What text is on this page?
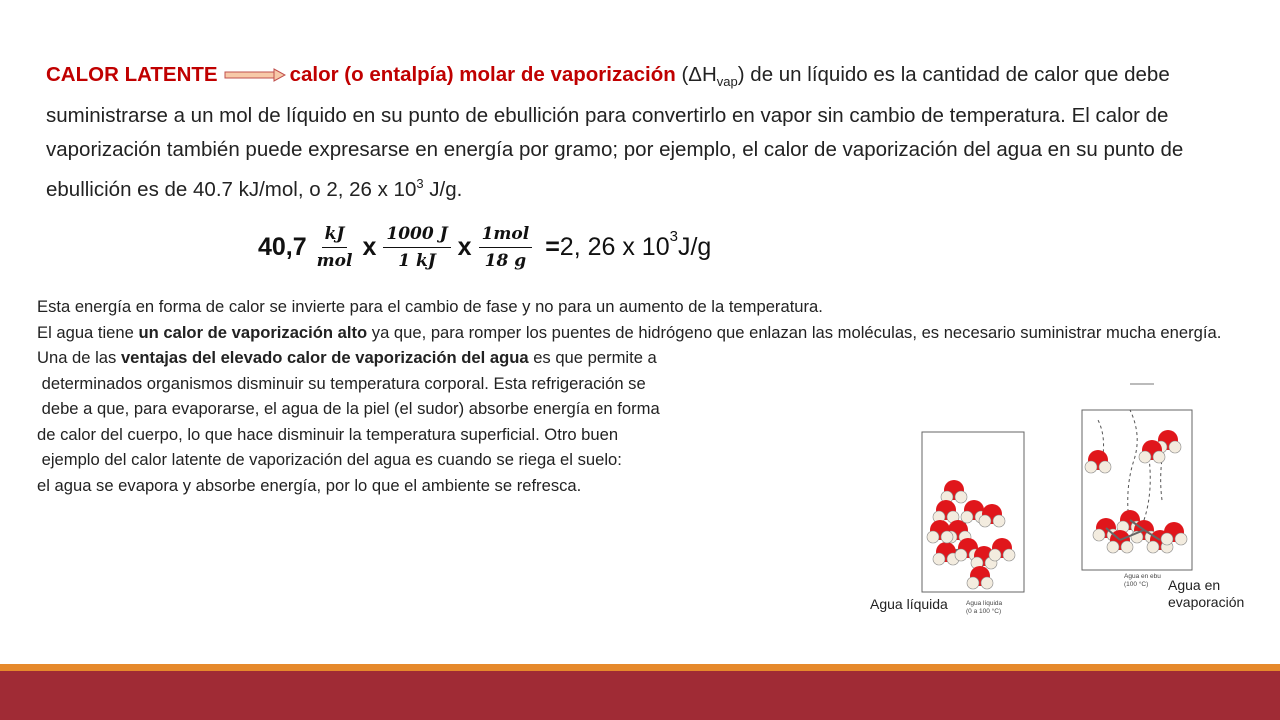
CALOR LATENTE	calor (o entalpía) molar de vaporización $(\Delta H_{vap})$ de un líquido es la cantidad de calor que debe suministrarse a un mol de líquido en su punto de ebullición para convertirlo en vapor sin cambio de temperatura. El calor de vaporización también puede expresarse en energía por gramo; por ejemplo, el calor de vaporización del agua en su punto de ebullición es de 40.7 kJ/mol, o 2, 26 x $10^3$ J/g.
$40,7 \frac{kJ}{\text{mol}}$ x $\frac{1000 J}{1 kJ}$ x $\frac{\text{1mol}}{18 g} = 2$, 26 x $10^3$ J/g

Esta energía en forma de calor se invierte para el cambio de fase y no para un aumento de la temperatura.

El agua tiene un calor de vaporización alto ya que, para romper los puentes de hidrógeno que enlazan las moléculas, es necesario suministrar mucha energía.

Una de las ventajas del elevado calor de vaporización del agua es que permite a

determinados organismos disminuir su temperatura corporal. Esta refrigeración se

debe a que, para evaporarse, el agua de la piel (el sudor) absorbe energía en forma

de calor del cuerpo, lo que hace disminuir la temperatura superficial. Otro buen

ejemplo del calor latente de vaporización del agua es cuando se riega el suelo:

el agua se evapora y absorbe energía, por lo que el ambiente se refresca.

Agua líquida	Agua líquida
(0 a 100 °C)
Agua en ebu
(100 °C)	Agua en
evaporación
